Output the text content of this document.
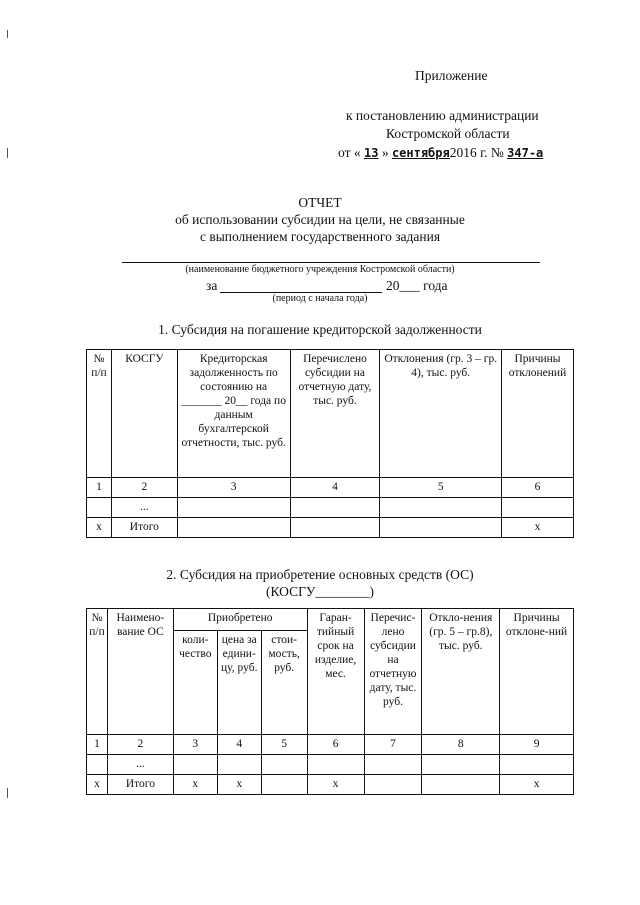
Приложение
к постановлению администрации
Костромской области
от « 13 » сентября2016 г. № 347-а
ОТЧЕТ
об использовании субсидии на цели, не связанные
с выполнением государственного задания
(наименование бюджетного учреждения Костромской области)
за	20___ года
(период с начала года)
1. Субсидия на погашение кредиторской задолженности
№ п/п	КОСГУ	Кредиторская задолженность по состоянию на _______ 20__ года по данным бухгалтерской отчетности, тыс. руб.	Перечислено субсидии на отчетную дату, тыс. руб.	Отклонения (гр. 3 – гр. 4), тыс. руб.	Причины отклонений
1	2	3	4	5	6
	...				
х	Итого				х
2. Субсидия на приобретение основных средств (ОС)
(КОСГУ________)
№ п/п	Наимено-вание ОС	Приобретено			Гаран-тийный срок на изделие, мес.	Перечис-лено субсидии на отчетную дату, тыс. руб.	Откло-нения (гр. 5 – гр.8), тыс. руб.	Причины отклоне-ний
		коли-чество	цена за едини-цу, руб.	стои-мость, руб.				
1	2	3	4	5	6	7	8	9
	...							
х	Итого	х	х		х			х
